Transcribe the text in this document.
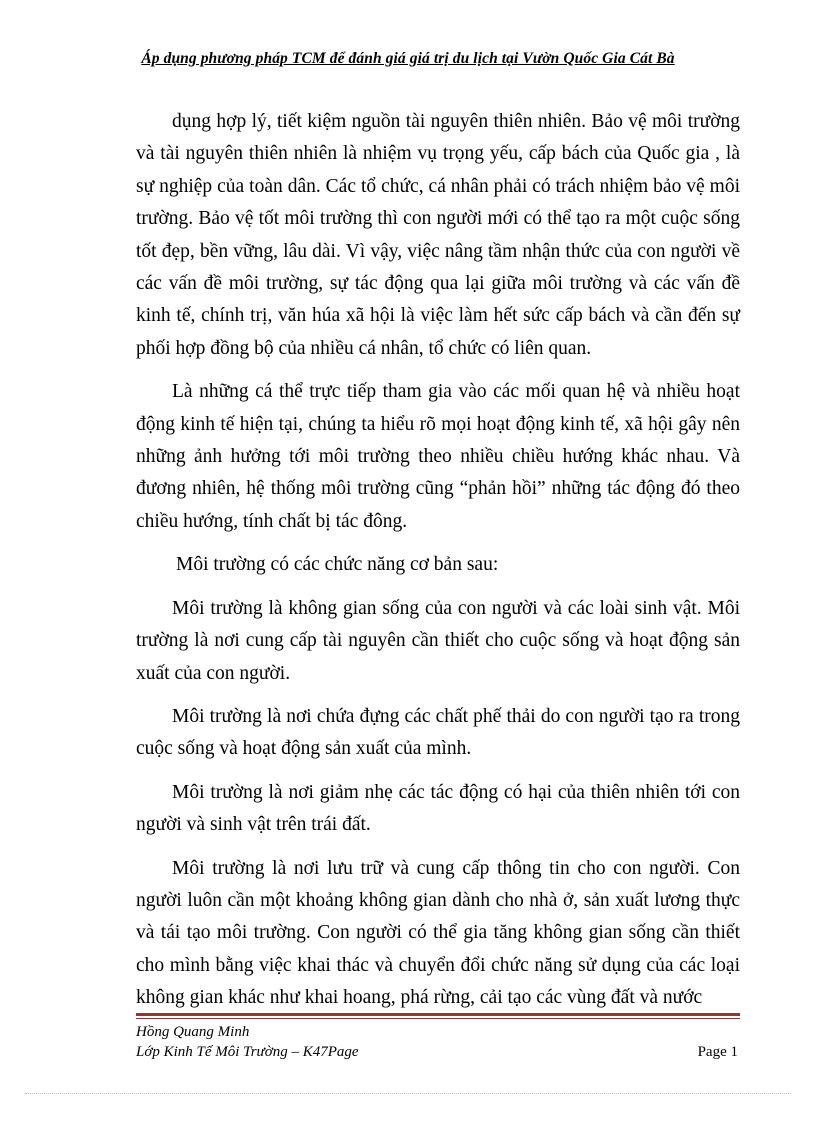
Áp dụng phương pháp TCM để đánh giá giá trị du lịch tại Vườn Quốc Gia Cát Bà

dụng hợp lý, tiết kiệm nguồn tài nguyên thiên nhiên. Bảo vệ môi trường và tài nguyên thiên nhiên là nhiệm vụ trọng yếu, cấp bách của Quốc gia , là sự nghiệp của toàn dân. Các tổ chức, cá nhân phải có trách nhiệm bảo vệ môi trường. Bảo vệ tốt môi trường thì con người mới có thể tạo ra một cuộc sống tốt đẹp, bền vững, lâu dài. Vì vậy, việc nâng tầm nhận thức của con người về các vấn đề môi trường, sự tác động qua lại giữa môi trường và các vấn đề kinh tế, chính trị, văn húa xã hội là việc làm hết sức cấp bách và cần đến sự phối hợp đồng bộ của nhiều cá nhân, tổ chức có liên quan.

Là những cá thể trực tiếp tham gia vào các mối quan hệ và nhiều hoạt động kinh tế hiện tại, chúng ta hiểu rõ mọi hoạt động kinh tế, xã hội gây nên những ảnh hưởng tới môi trường theo nhiều chiều hướng khác nhau. Và đương nhiên, hệ thống môi trường cũng “phản hồi” những tác động đó theo chiều hướng, tính chất bị tác đông.

Môi trường có các chức năng cơ bản sau:

Môi trường là không gian sống của con người và các loài sinh vật. Môi trường là nơi cung cấp tài nguyên cần thiết cho cuộc sống và hoạt động sản xuất của con người.

Môi trường là nơi chứa đựng các chất phế thải do con người tạo ra trong cuộc sống và hoạt động sản xuất của mình.

Môi trường là nơi giảm nhẹ các tác động có hại của thiên nhiên tới con người và sinh vật trên trái đất.

Môi trường là nơi lưu trữ và cung cấp thông tin cho con người. Con người luôn cần một khoảng không gian dành cho nhà ở, sản xuất lương thực và tái tạo môi trường. Con người có thể gia tăng không gian sống cần thiết cho mình bằng việc khai thác và chuyển đổi chức năng sử dụng của các loại không gian khác như khai hoang, phá rừng, cải tạo các vùng đất và nước

Hồng Quang Minh
Lớp Kinh Tế Môi Trường – K47Page	Page 1
